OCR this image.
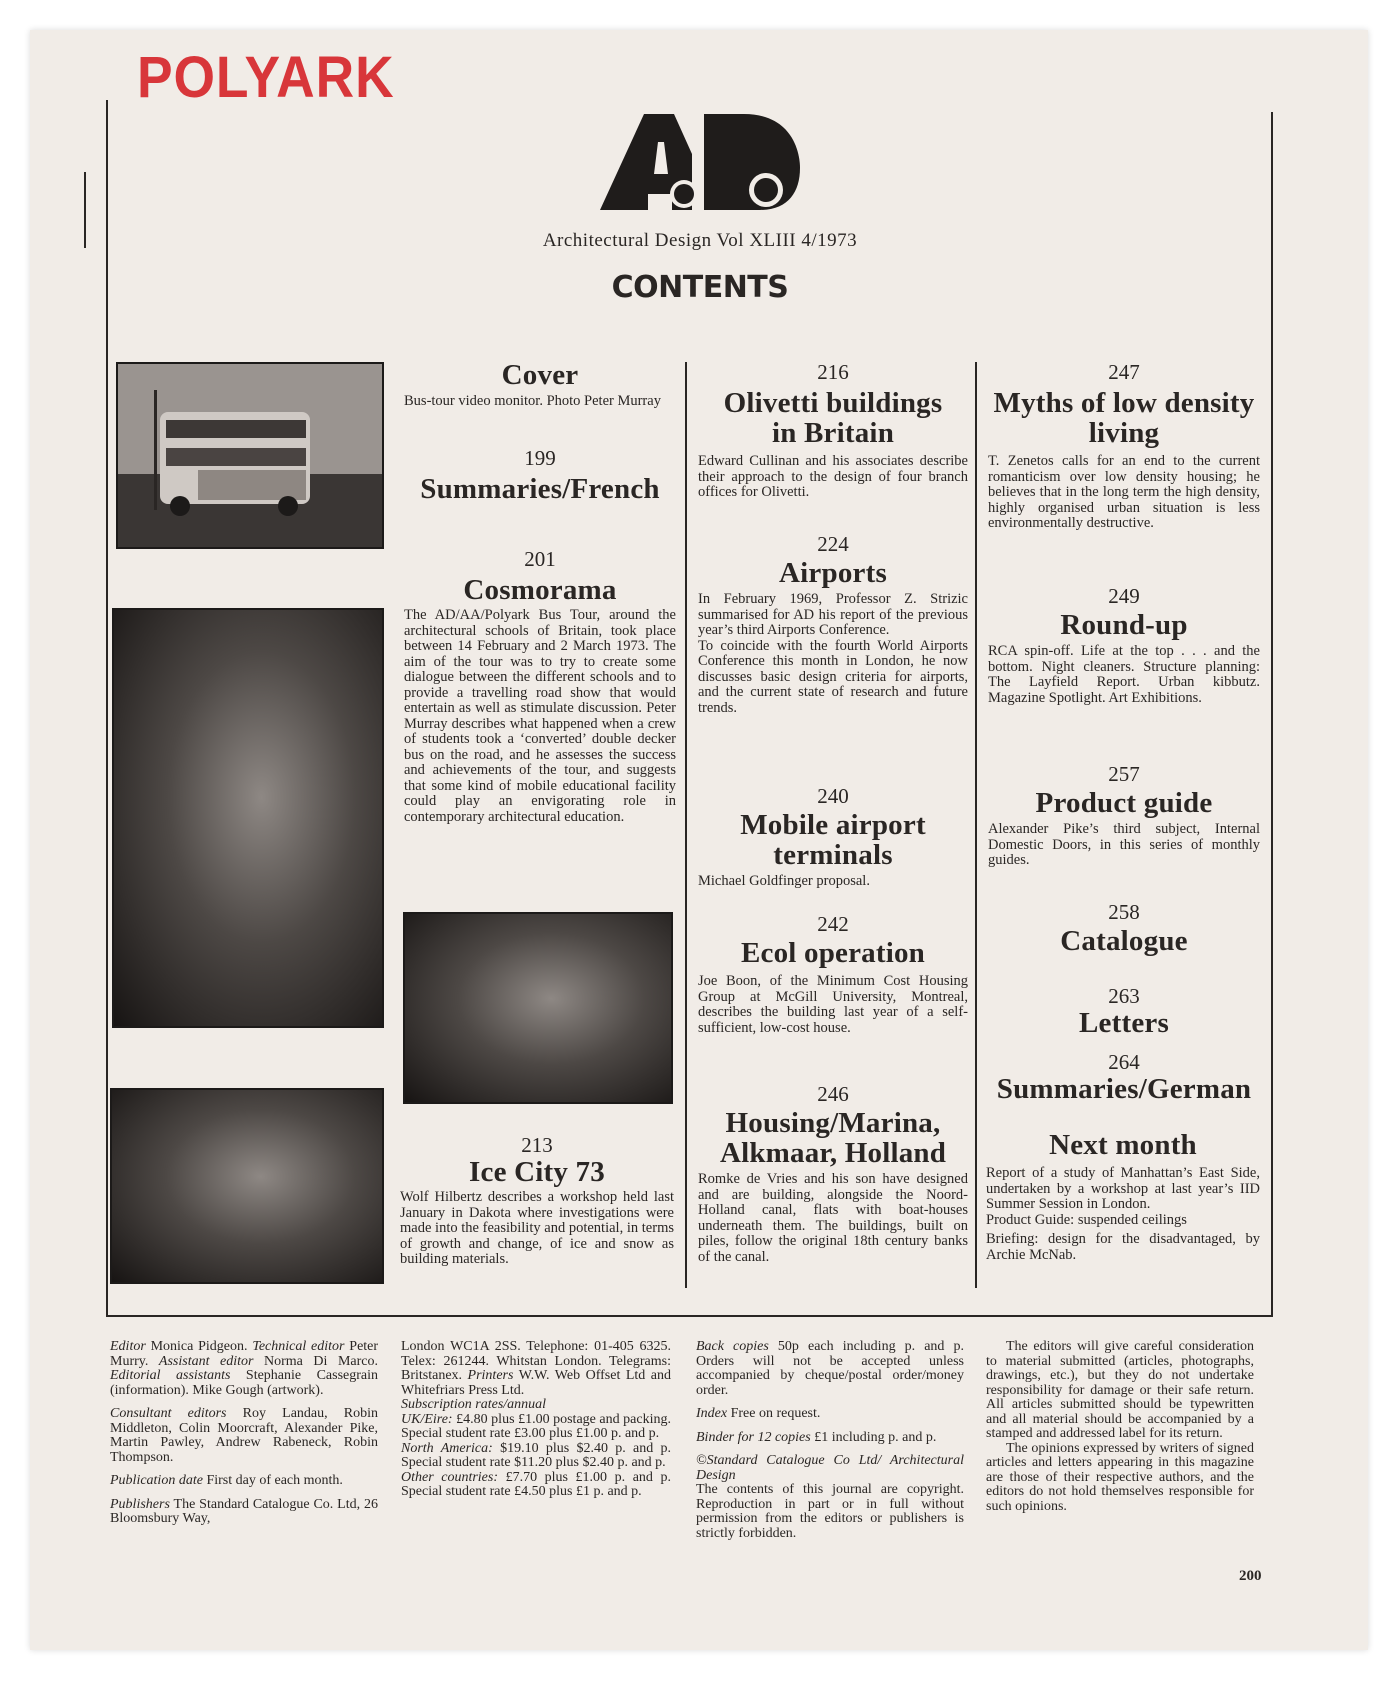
POLYARK
Architectural Design Vol XLIII 4/1973
CONTENTS
Cover
Bus-tour video monitor. Photo Peter Murray
199
Summaries/French
201
Cosmorama
The AD/AA/Polyark Bus Tour, around the architectural schools of Britain, took place between 14 February and 2 March 1973. The aim of the tour was to try to create some dialogue between the different schools and to provide a travelling road show that would entertain as well as stimulate discussion. Peter Murray describes what happened when a crew of students took a ‘converted’ double decker bus on the road, and he assesses the success and achievements of the tour, and suggests that some kind of mobile educational facility could play an envigorating role in contemporary architectural education.
213
Ice City 73
Wolf Hilbertz describes a workshop held last January in Dakota where investigations were made into the feasibility and potential, in terms of growth and change, of ice and snow as building materials.
216
Olivetti buildings
in Britain
Edward Cullinan and his associates describe their approach to the design of four branch offices for Olivetti.
224
Airports
In February 1969, Professor Z. Strizic summarised for AD his report of the previous year’s third Airports Conference.
To coincide with the fourth World Airports Conference this month in London, he now discusses basic design criteria for airports, and the current state of research and future trends.
240
Mobile airport
terminals
Michael Goldfinger proposal.
242
Ecol operation
Joe Boon, of the Minimum Cost Housing Group at McGill University, Montreal, describes the building last year of a self-sufficient, low-cost house.
246
Housing/Marina,
Alkmaar, Holland
Romke de Vries and his son have designed and are building, alongside the Noord-Holland canal, flats with boat-houses underneath them. The buildings, built on piles, follow the original 18th century banks of the canal.
247
Myths of low density
living
T. Zenetos calls for an end to the current romanticism over low density housing; he believes that in the long term the high density, highly organised urban situation is less environmentally destructive.
249
Round-up
RCA spin-off. Life at the top . . . and the bottom. Night cleaners. Structure planning: The Layfield Report. Urban kibbutz. Magazine Spotlight. Art Exhibitions.
257
Product guide
Alexander Pike’s third subject, Internal Domestic Doors, in this series of monthly guides.
258
Catalogue
263
Letters
264
Summaries/German
Next month
Report of a study of Manhattan’s East Side, undertaken by a workshop at last year’s IID Summer Session in London.
Product Guide: suspended ceilings
Briefing: design for the disadvantaged, by Archie McNab.

Editor Monica Pidgeon. Technical editor Peter Murry. Assistant editor Norma Di Marco. Editorial assistants Stephanie Cassegrain (information). Mike Gough (artwork).

Consultant editors Roy Landau, Robin Middleton, Colin Moorcraft, Alexander Pike, Martin Pawley, Andrew Rabeneck, Robin Thompson.

Publication date First day of each month.

Publishers The Standard Catalogue Co. Ltd, 26 Bloomsbury Way,

London WC1A 2SS. Telephone: 01-405 6325. Telex: 261244. Whitstan London. Telegrams: Britstanex. Printers W.W. Web Offset Ltd and Whitefriars Press Ltd.

Subscription rates/annual

UK/Eire: £4.80 plus £1.00 postage and packing. Special student rate £3.00 plus £1.00 p. and p.

North America: $19.10 plus $2.40 p. and p. Special student rate $11.20 plus $2.40 p. and p.

Other countries: £7.70 plus £1.00 p. and p. Special student rate £4.50 plus £1 p. and p.

Back copies 50p each including p. and p. Orders will not be accepted unless accompanied by cheque/postal order/money order.

Index Free on request.

Binder for 12 copies £1 including p. and p.

©Standard Catalogue Co Ltd/ Architectural Design

The contents of this journal are copyright. Reproduction in part or in full without permission from the editors or publishers is strictly forbidden.

The editors will give careful consideration to material submitted (articles, photographs, drawings, etc.), but they do not undertake responsibility for damage or their safe return. All articles submitted should be typewritten and all material should be accompanied by a stamped and addressed label for its return.

The opinions expressed by writers of signed articles and letters appearing in this magazine are those of their respective authors, and the editors do not hold themselves responsible for such opinions.

200
